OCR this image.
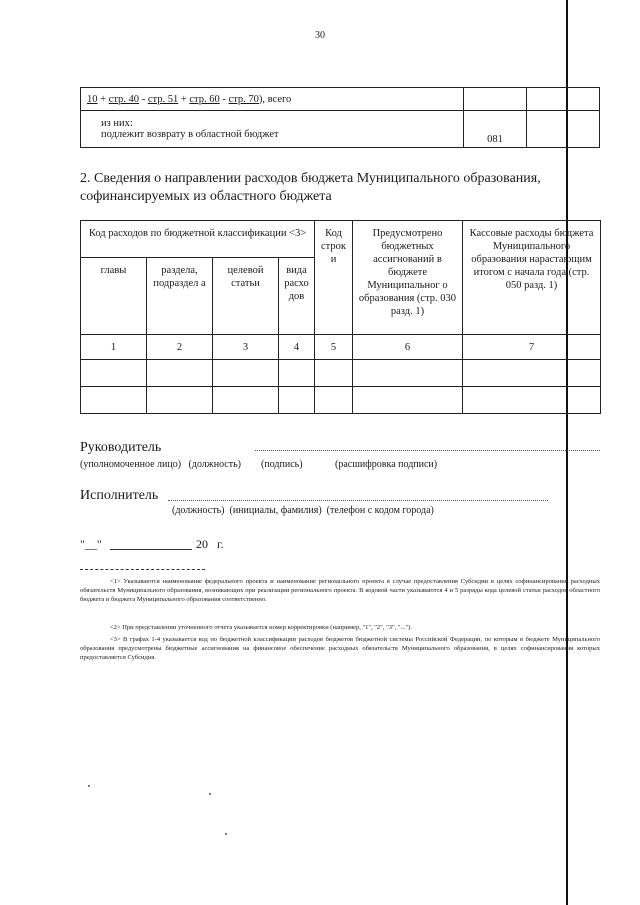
30
10 + стр. 40 - стр. 51 + стр. 60 - стр. 70), всего		

из них:
подлежит возврату в областной бюджет	081	
2. Сведения о направлении расходов бюджета Муниципального образования, софинансируемых из областного бюджета
Код расходов по бюджетной классификации <3>				Код строк и	Предусмотрено бюджетных ассигнований в бюджете Муниципальног о образования (стр. 030 разд. 1)	Кассовые расходы бюджета Муниципального образования нарастающим итогом с начала года (стр. 050 разд. 1)
главы	раздела, подраздел а	целевой статьи	вида расхо дов			
1	2	3	4	5	6	7

Руководитель
(уполномоченное лицо)   (должность)        (подпись)             (расшифровка подписи)
Исполнитель
(должность)  (инициалы, фамилия)  (телефон с кодом города)
"__"	20   г.
<1> Указываются наименование федерального проекта и наименование регионального проекта в случае предоставления Субсидии в целях софинансирования расходных обязательств Муниципального образования, возникающих при реализации регионального проекта. В кодовой части указываются 4 и 5 разряды кода целевой статьи расходов областного бюджета и бюджета Муниципального образования соответственно.
<2> При представлении уточненного отчета указывается номер корректировки (например, "1", "2", "3", "...").
<3> В графах 1-4 указывается код по бюджетной классификации расходов бюджетов бюджетной системы Российской Федерации, по которым в бюджете Муниципального образования предусмотрены бюджетные ассигнования на финансовое обеспечение расходных обязательств Муниципального образования, в целях софинансирования которых предоставляется Субсидия.
